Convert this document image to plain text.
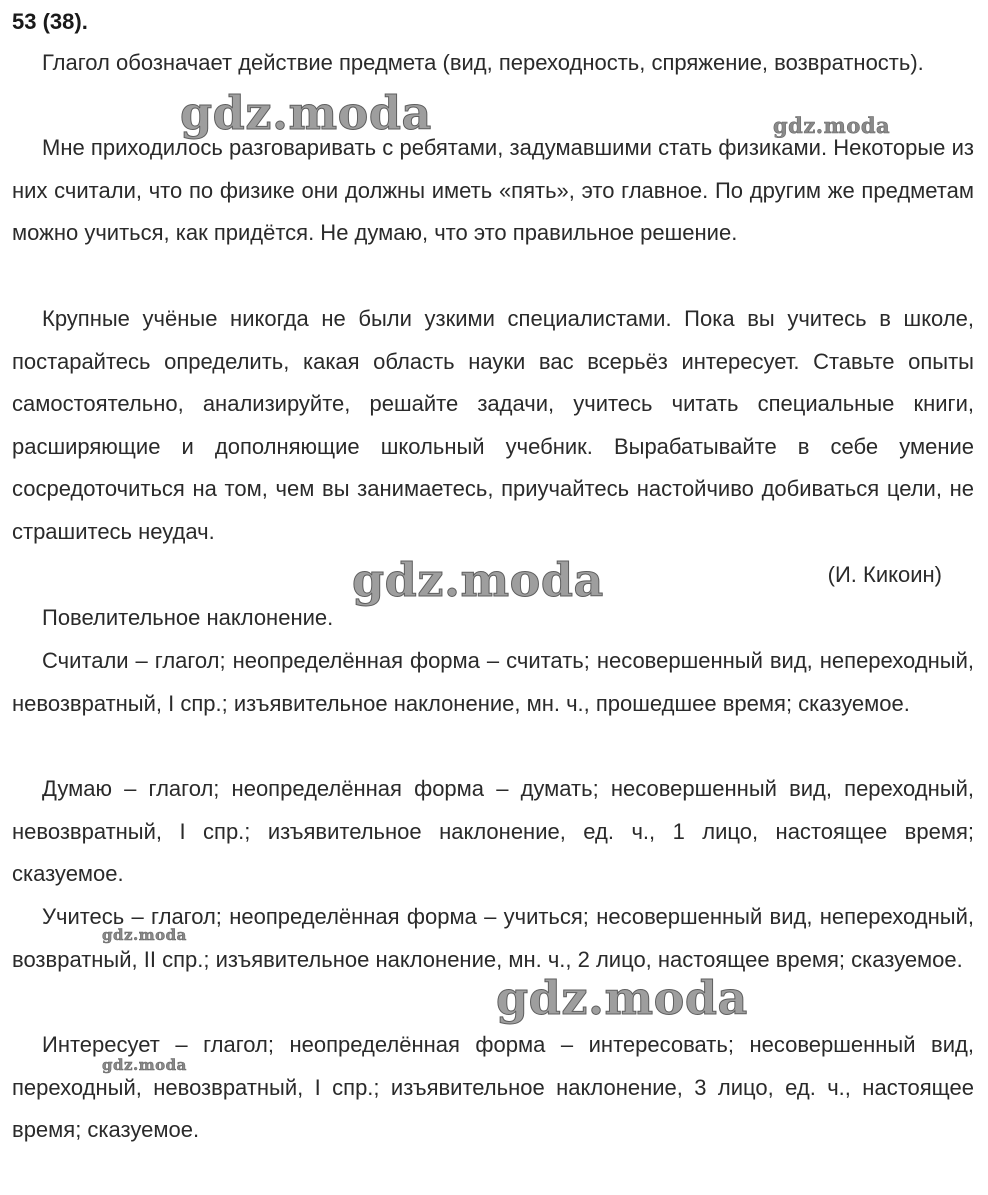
53 (38).

Глагол обозначает действие предмета (вид, переходность, спряжение, возвратность).

Мне приходилось разговаривать с ребятами, задумавшими стать физиками. Некоторые из них считали, что по физике они должны иметь «пять», это главное. По другим же предметам можно учиться, как придётся. Не думаю, что это правильное решение.

Крупные учёные никогда не были узкими специалистами. Пока вы учитесь в школе, постарайтесь определить, какая область науки вас всерьёз интересует. Ставьте опыты самостоятельно, анализируйте, решайте задачи, учитесь читать специальные книги, расширяющие и дополняющие школьный учебник. Вырабатывайте в себе умение сосредоточиться на том, чем вы занимаетесь, приучайтесь настойчиво добиваться цели, не страшитесь неудач.

(И. Кикоин)

Повелительное наклонение.

Считали – глагол; неопределённая форма – считать; несовершенный вид, непереходный, невозвратный, I спр.; изъявительное наклонение, мн. ч., прошедшее время; сказуемое.

Думаю – глагол; неопределённая форма – думать; несовершенный вид, переходный, невозвратный, I спр.; изъявительное наклонение, ед. ч., 1 лицо, настоящее время; сказуемое.

Учитесь – глагол; неопределённая форма – учиться; несовершенный вид, непереходный, возвратный, II спр.; изъявительное наклонение, мн. ч., 2 лицо, настоящее время; сказуемое.

Интересует – глагол; неопределённая форма – интересовать; несовершенный вид, переходный, невозвратный, I спр.; изъявительное наклонение, 3 лицо, ед. ч., настоящее время; сказуемое.

gdz.moda	gdz.moda
gdz.moda
gdz.moda
gdz.moda
gdz.moda
